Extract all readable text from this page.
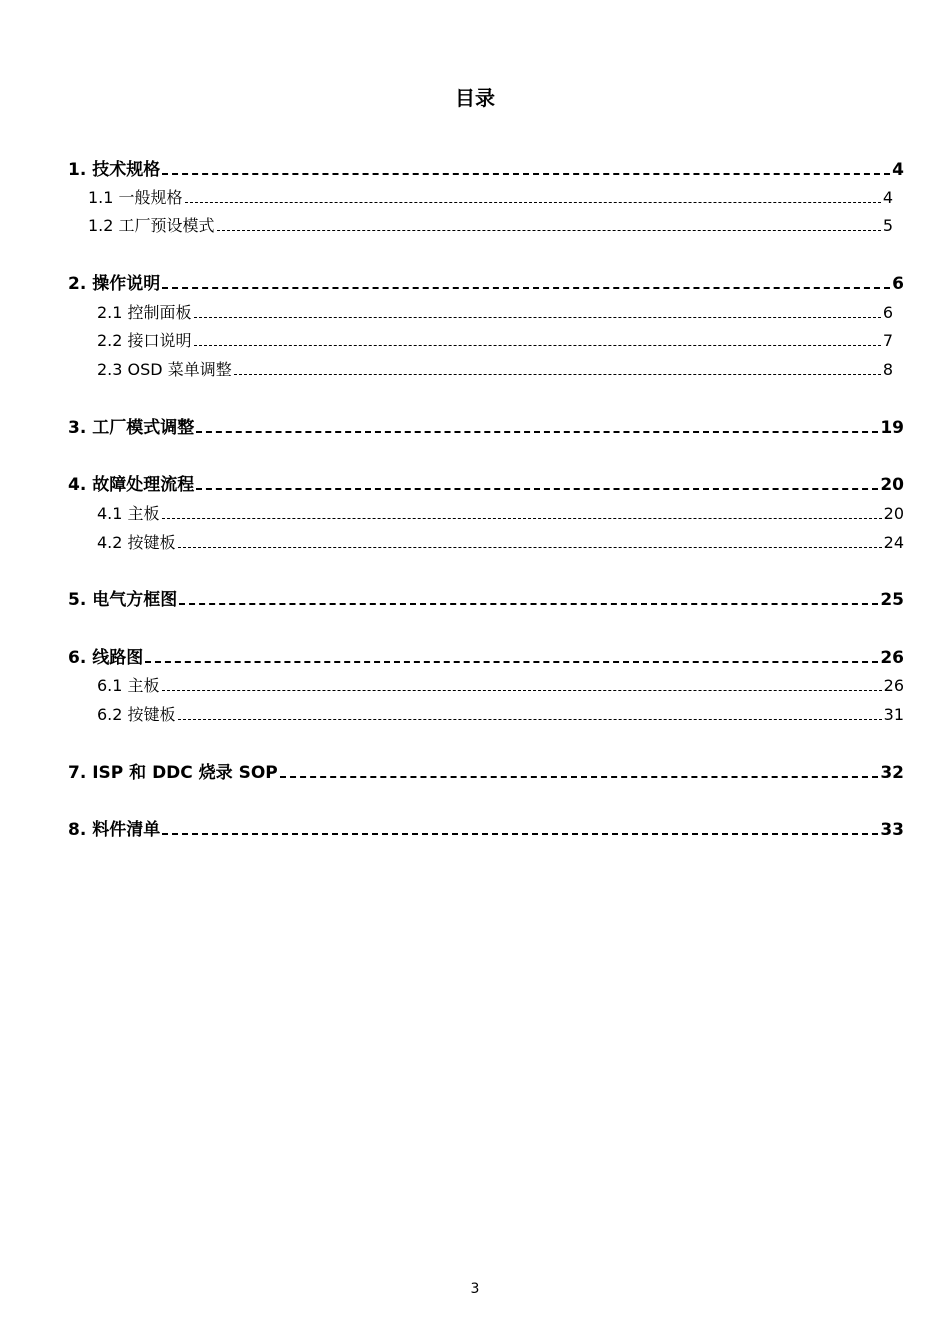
目录
1. 技术规格	4
1.1 一般规格	4
1.2 工厂预设模式	5
2. 操作说明	6
2.1 控制面板	6
2.2 接口说明	7
2.3 OSD 菜单调整	8
3. 工厂模式调整	19
4. 故障处理流程	20
4.1 主板	20
4.2 按键板	24
5. 电气方框图	25
6. 线路图	26
6.1 主板	26
6.2 按键板	31
7. ISP 和 DDC 烧录 SOP	32
8. 料件清单	33
3
